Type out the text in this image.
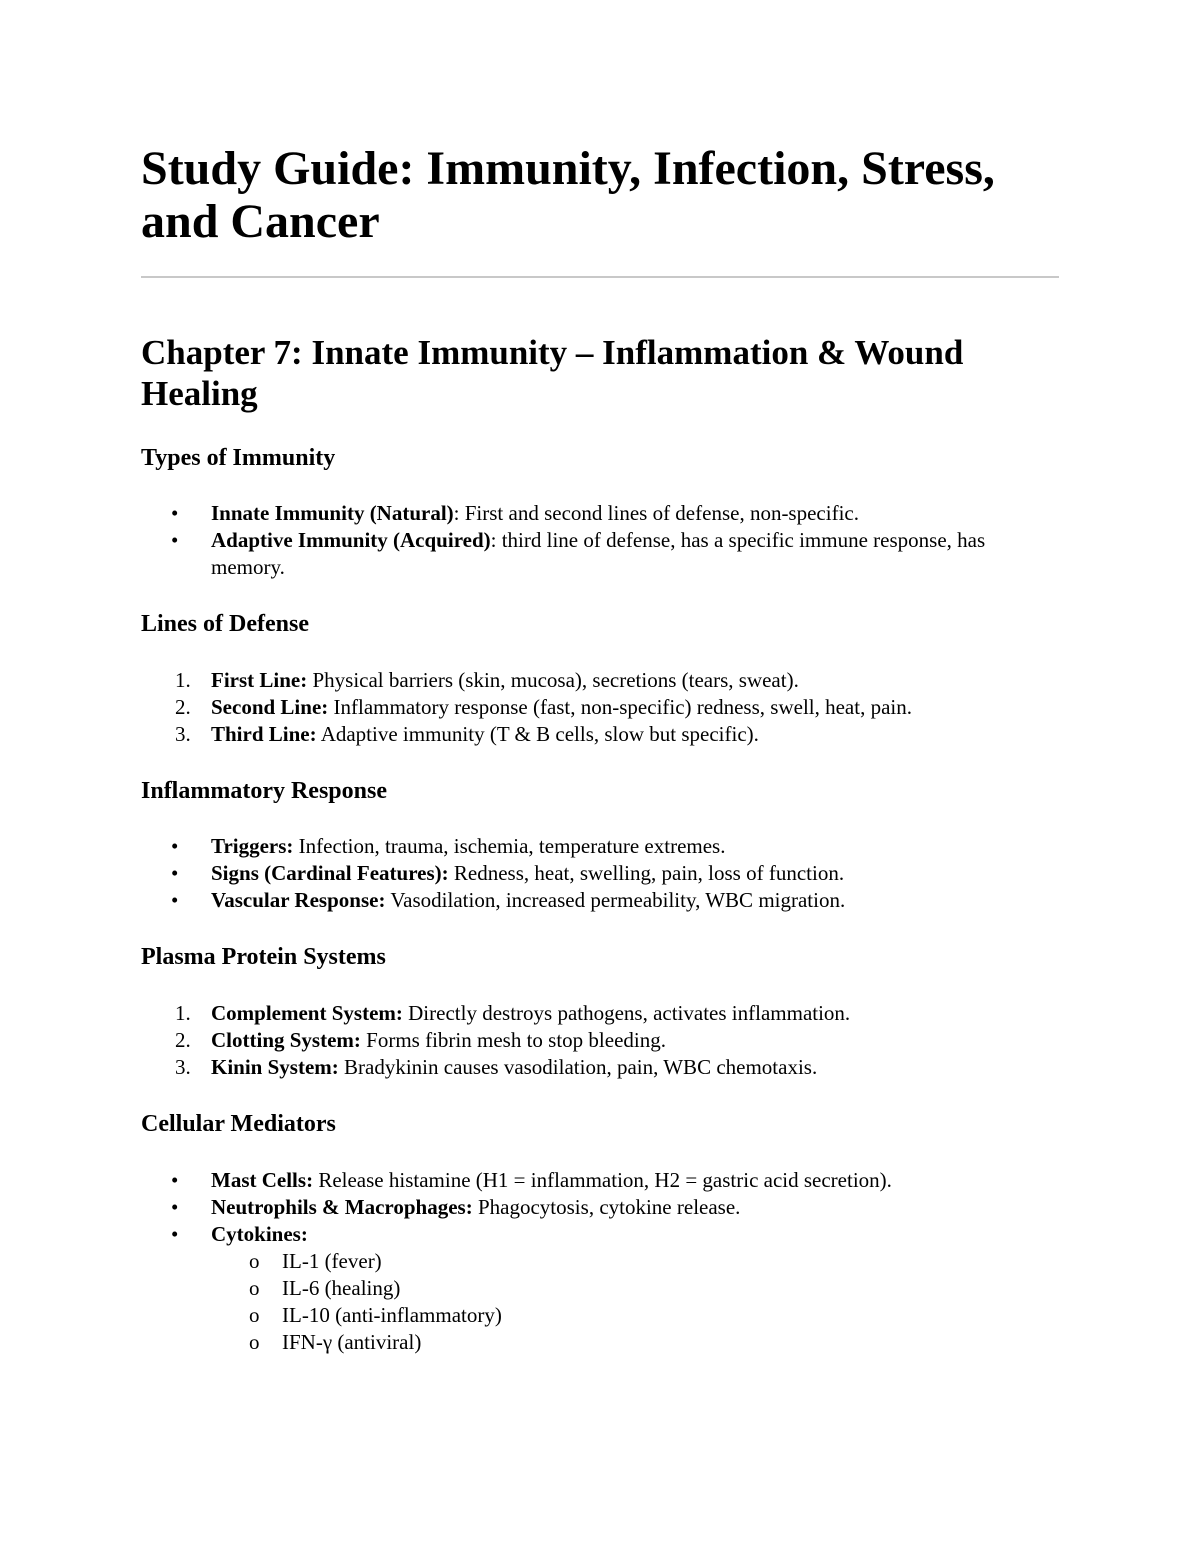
Study Guide: Immunity, Infection, Stress, and Cancer
Chapter 7: Innate Immunity – Inflammation & Wound Healing
Types of Immunity
•	Innate Immunity (Natural): First and second lines of defense, non-specific.
•	Adaptive Immunity (Acquired): third line of defense, has a specific immune response, has memory.
Lines of Defense
1. First Line: Physical barriers (skin, mucosa), secretions (tears, sweat).
2. Second Line: Inflammatory response (fast, non-specific) redness, swell, heat, pain.
3. Third Line: Adaptive immunity (T & B cells, slow but specific).
Inflammatory Response
•	Triggers: Infection, trauma, ischemia, temperature extremes.
•	Signs (Cardinal Features): Redness, heat, swelling, pain, loss of function.
•	Vascular Response: Vasodilation, increased permeability, WBC migration.
Plasma Protein Systems
1. Complement System: Directly destroys pathogens, activates inflammation.
2. Clotting System: Forms fibrin mesh to stop bleeding.
3. Kinin System: Bradykinin causes vasodilation, pain, WBC chemotaxis.
Cellular Mediators
•	Mast Cells: Release histamine (H1 = inflammation, H2 = gastric acid secretion).
•	Neutrophils & Macrophages: Phagocytosis, cytokine release.
•	Cytokines:
o IL-1 (fever)
o IL-6 (healing)
o IL-10 (anti-inflammatory)
o IFN-γ (antiviral)
